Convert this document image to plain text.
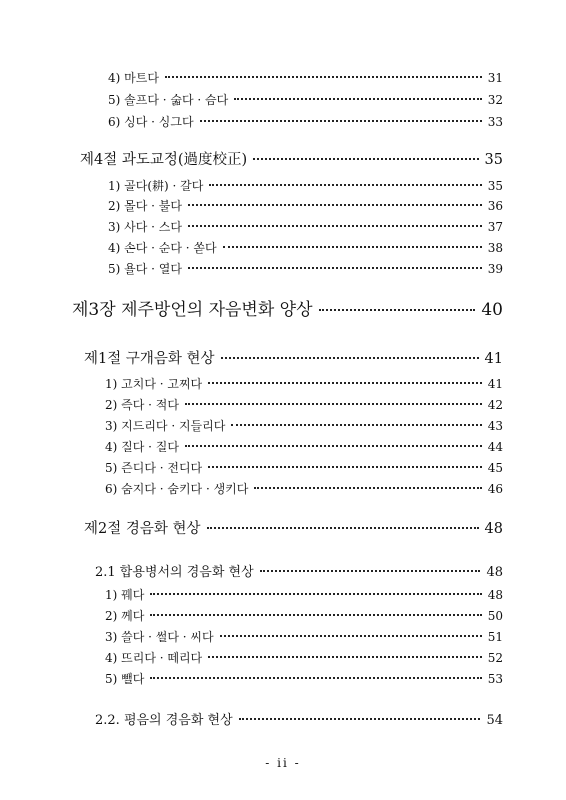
4) 마트다	31
5) 솔프다 · 숣다 · 슴다	32
6) 싱다 · 싱그다	33
제4절 과도교정(過度校正)	35
1) 골다(耕) · 갈다	35
2) 몰다 · 불다	36
3) 사다 · 스다	37
4) 손다 · 순다 · 쏟다	38
5) 욜다 · 열다	39
제3장 제주방언의 자음변화 양상	40
제1절 구개음화 현상	41
1) 고치다 · 고찌다	41
2) 즉다 · 적다	42
3) 지드리다 · 지들리다	43
4) 질다 · 질다	44
5) 즌디다 · 전디다	45
6) 숨지다 · 숨키다 · 생키다	46
제2절 경음화 현상	48
2.1 합용병서의 경음화 현상	48
1) 꿰다	48
2) 께다	50
3) 쓸다 · 썰다 · 씨다	51
4) 뜨리다 · 떼리다	52
5) 뺄다	53
2.2. 평음의 경음화 현상	54
- ii -
